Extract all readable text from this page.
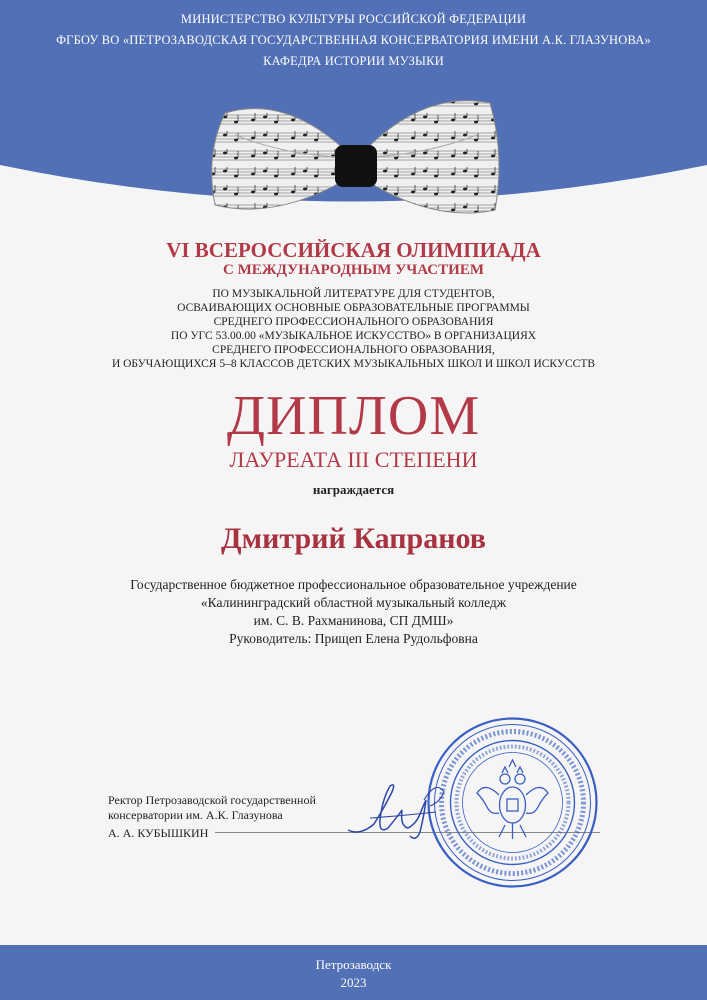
МИНИСТЕРСТВО КУЛЬТУРЫ РОССИЙСКОЙ ФЕДЕРАЦИИ
ФГБОУ ВО «ПЕТРОЗАВОДСКАЯ ГОСУДАРСТВЕННАЯ КОНСЕРВАТОРИЯ ИМЕНИ А.К. ГЛАЗУНОВА»
КАФЕДРА ИСТОРИИ МУЗЫКИ
VI ВСЕРОССИЙСКАЯ ОЛИМПИАДА
С МЕЖДУНАРОДНЫМ УЧАСТИЕМ
ПО МУЗЫКАЛЬНОЙ ЛИТЕРАТУРЕ ДЛЯ СТУДЕНТОВ,
ОСВАИВАЮЩИХ ОСНОВНЫЕ ОБРАЗОВАТЕЛЬНЫЕ ПРОГРАММЫ
СРЕДНЕГО ПРОФЕССИОНАЛЬНОГО ОБРАЗОВАНИЯ
ПО УГС 53.00.00 «МУЗЫКАЛЬНОЕ ИСКУССТВО» В ОРГАНИЗАЦИЯХ
СРЕДНЕГО ПРОФЕССИОНАЛЬНОГО ОБРАЗОВАНИЯ,
И ОБУЧАЮЩИХСЯ 5–8 КЛАССОВ ДЕТСКИХ МУЗЫКАЛЬНЫХ ШКОЛ И ШКОЛ ИСКУССТВ
ДИПЛОМ
ЛАУРЕАТА III СТЕПЕНИ
награждается
Дмитрий Капранов
Государственное бюджетное профессиональное образовательное учреждение
«Калининградский областной музыкальный колледж
им. С. В. Рахманинова, СП ДМШ»
Руководитель: Прищеп Елена Рудольфовна
Ректор Петрозаводской государственной
консерватории им. А.К. Глазунова
А. А. КУБЫШКИН
Петрозаводск
2023
